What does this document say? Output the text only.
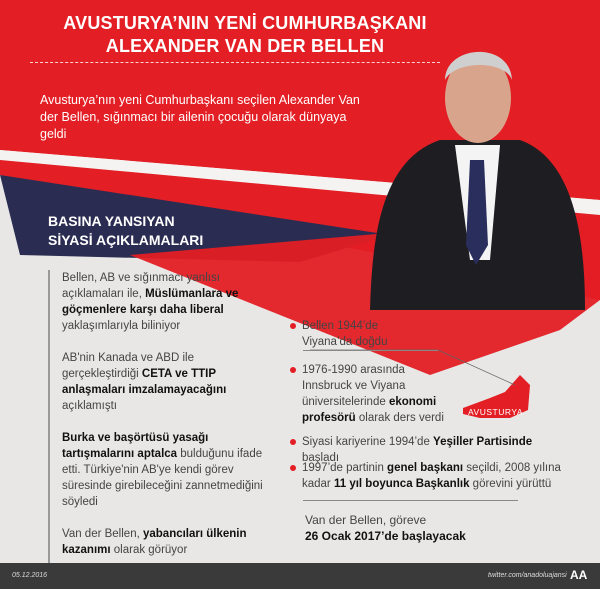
AVUSTURYA’NIN YENİ CUMHURBAŞKANI
ALEXANDER VAN DER BELLEN
Avusturya’nın yeni Cumhurbaşkanı seçilen Alexander Van der Bellen, sığınmacı bir ailenin çocuğu olarak dünyaya geldi
BASINA YANSIYAN
SİYASİ AÇIKLAMALARI

Bellen, AB ve sığınmacı yanlısı açıklamaları ile, Müslümanlara ve göçmenlere karşı daha liberal yaklaşımlarıyla biliniyor

AB'nin Kanada ve ABD ile gerçekleştirdiği CETA ve TTIP anlaşmaları imzalamayacağını açıklamıştı

Burka ve başörtüsü yasağı tartışmalarını aptalca bulduğunu ifade etti. Türkiye'nin AB'ye kendi görev süresinde girebileceğini zannetmediğini söyledi

Van der Bellen, yabancıları ülkenin kazanımı olarak görüyor

Bellen 1944’de Viyana’da doğdu
1976-1990 arasında Innsbruck ve Viyana üniversitelerinde ekonomi profesörü olarak ders verdi
Siyasi kariyerine 1994’de Yeşiller Partisinde başladı
1997’de partinin genel başkanı seçildi, 2008 yılına kadar 11 yıl boyunca Başkanlık görevini yürüttü
AVUSTURYA
Van der Bellen, göreve
26 Ocak 2017’de başlayacak
05.12.2016	twitter.com/anadoluajansi AA
